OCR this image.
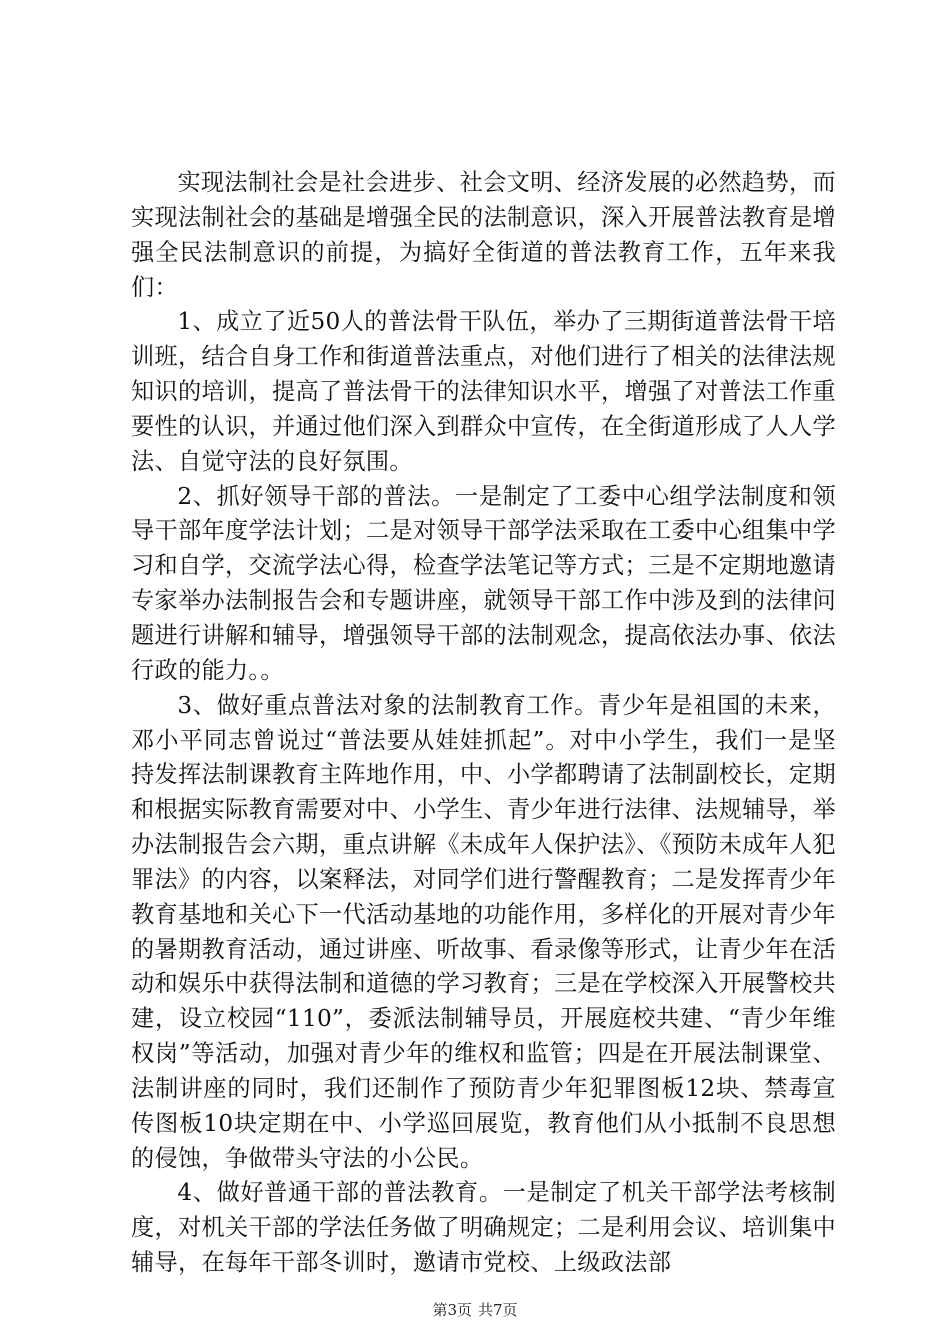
实现法制社会是社会进步、社会文明、经济发展的必然趋势，而实现法制社会的基础是增强全民的法制意识，深入开展普法教育是增强全民法制意识的前提，为搞好全街道的普法教育工作，五年来我们：

1、成立了近50人的普法骨干队伍，举办了三期街道普法骨干培训班，结合自身工作和街道普法重点，对他们进行了相关的法律法规知识的培训，提高了普法骨干的法律知识水平，增强了对普法工作重要性的认识，并通过他们深入到群众中宣传，在全街道形成了人人学法、自觉守法的良好氛围。

2、抓好领导干部的普法。一是制定了工委中心组学法制度和领导干部年度学法计划；二是对领导干部学法采取在工委中心组集中学习和自学，交流学法心得，检查学法笔记等方式；三是不定期地邀请专家举办法制报告会和专题讲座，就领导干部工作中涉及到的法律问题进行讲解和辅导，增强领导干部的法制观念，提高依法办事、依法行政的能力。。

3、做好重点普法对象的法制教育工作。青少年是祖国的未来，邓小平同志曾说过“普法要从娃娃抓起”。对中小学生，我们一是坚持发挥法制课教育主阵地作用，中、小学都聘请了法制副校长，定期和根据实际教育需要对中、小学生、青少年进行法律、法规辅导，举办法制报告会六期，重点讲解《未成年人保护法》、《预防未成年人犯罪法》的内容，以案释法，对同学们进行警醒教育；二是发挥青少年教育基地和关心下一代活动基地的功能作用，多样化的开展对青少年的暑期教育活动，通过讲座、听故事、看录像等形式，让青少年在活动和娱乐中获得法制和道德的学习教育；三是在学校深入开展警校共建，设立校园“110”，委派法制辅导员，开展庭校共建、“青少年维权岗”等活动，加强对青少年的维权和监管；四是在开展法制课堂、法制讲座的同时，我们还制作了预防青少年犯罪图板12块、禁毒宣传图板10块定期在中、小学巡回展览，教育他们从小抵制不良思想的侵蚀，争做带头守法的小公民。

4、做好普通干部的普法教育。一是制定了机关干部学法考核制度，对机关干部的学法任务做了明确规定；二是利用会议、培训集中辅导，在每年干部冬训时，邀请市党校、上级政法部

第3页 共7页
